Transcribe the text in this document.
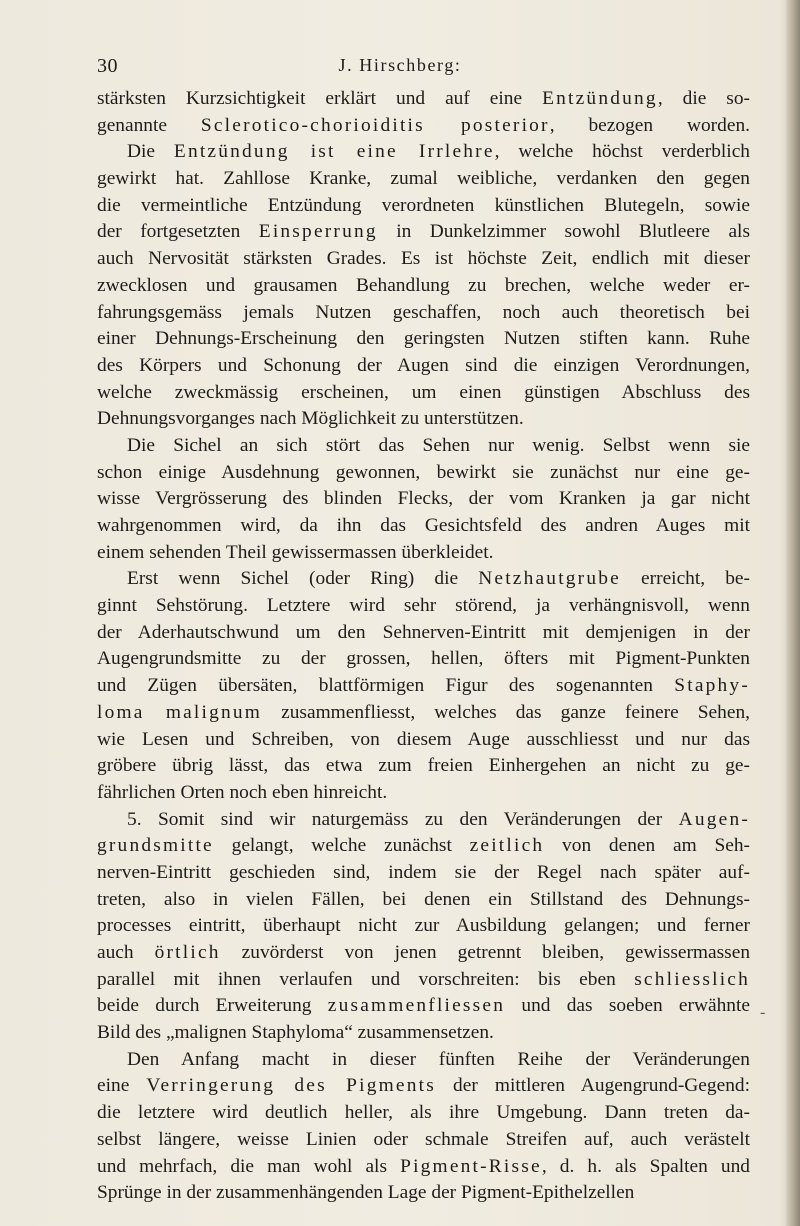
30	J. Hirschberg:
stärksten Kurzsichtigkeit erklärt und auf eine Entzündung, die so-
genannte Sclerotico-chorioiditis posterior, bezogen worden.
Die Entzündung ist eine Irrlehre, welche höchst verderblich
gewirkt hat. Zahllose Kranke, zumal weibliche, verdanken den gegen
die vermeintliche Entzündung verordneten künstlichen Blutegeln, sowie
der fortgesetzten Einsperrung in Dunkelzimmer sowohl Blutleere als
auch Nervosität stärksten Grades. Es ist höchste Zeit, endlich mit dieser
zwecklosen und grausamen Behandlung zu brechen, welche weder er-
fahrungsgemäss jemals Nutzen geschaffen, noch auch theoretisch bei
einer Dehnungs-Erscheinung den geringsten Nutzen stiften kann. Ruhe
des Körpers und Schonung der Augen sind die einzigen Verordnungen,
welche zweckmässig erscheinen, um einen günstigen Abschluss des
Dehnungsvorganges nach Möglichkeit zu unterstützen.
Die Sichel an sich stört das Sehen nur wenig. Selbst wenn sie
schon einige Ausdehnung gewonnen, bewirkt sie zunächst nur eine ge-
wisse Vergrösserung des blinden Flecks, der vom Kranken ja gar nicht
wahrgenommen wird, da ihn das Gesichtsfeld des andren Auges mit
einem sehenden Theil gewissermassen überkleidet.
Erst wenn Sichel (oder Ring) die Netzhautgrube erreicht, be-
ginnt Sehstörung. Letztere wird sehr störend, ja verhängnisvoll, wenn
der Aderhautschwund um den Sehnerven-Eintritt mit demjenigen in der
Augengrundsmitte zu der grossen, hellen, öfters mit Pigment-Punkten
und Zügen übersäten, blattförmigen Figur des sogenannten Staphy-
loma malignum zusammenfliesst, welches das ganze feinere Sehen,
wie Lesen und Schreiben, von diesem Auge ausschliesst und nur das
gröbere übrig lässt, das etwa zum freien Einhergehen an nicht zu ge-
fährlichen Orten noch eben hinreicht.
5. Somit sind wir naturgemäss zu den Veränderungen der Augen-
grundsmitte gelangt, welche zunächst zeitlich von denen am Seh-
nerven-Eintritt geschieden sind, indem sie der Regel nach später auf-
treten, also in vielen Fällen, bei denen ein Stillstand des Dehnungs-
processes eintritt, überhaupt nicht zur Ausbildung gelangen; und ferner
auch örtlich zuvörderst von jenen getrennt bleiben, gewissermassen
parallel mit ihnen verlaufen und vorschreiten: bis eben schliesslich
beide durch Erweiterung zusammenfliessen und das soeben erwähnte
Bild des „malignen Staphyloma“ zusammensetzen.
Den Anfang macht in dieser fünften Reihe der Veränderungen
eine Verringerung des Pigments der mittleren Augengrund-Gegend:
die letztere wird deutlich heller, als ihre Umgebung. Dann treten da-
selbst längere, weisse Linien oder schmale Streifen auf, auch verästelt
und mehrfach, die man wohl als Pigment-Risse, d. h. als Spalten und
Sprünge in der zusammenhängenden Lage der Pigment-Epithelzellen
-
